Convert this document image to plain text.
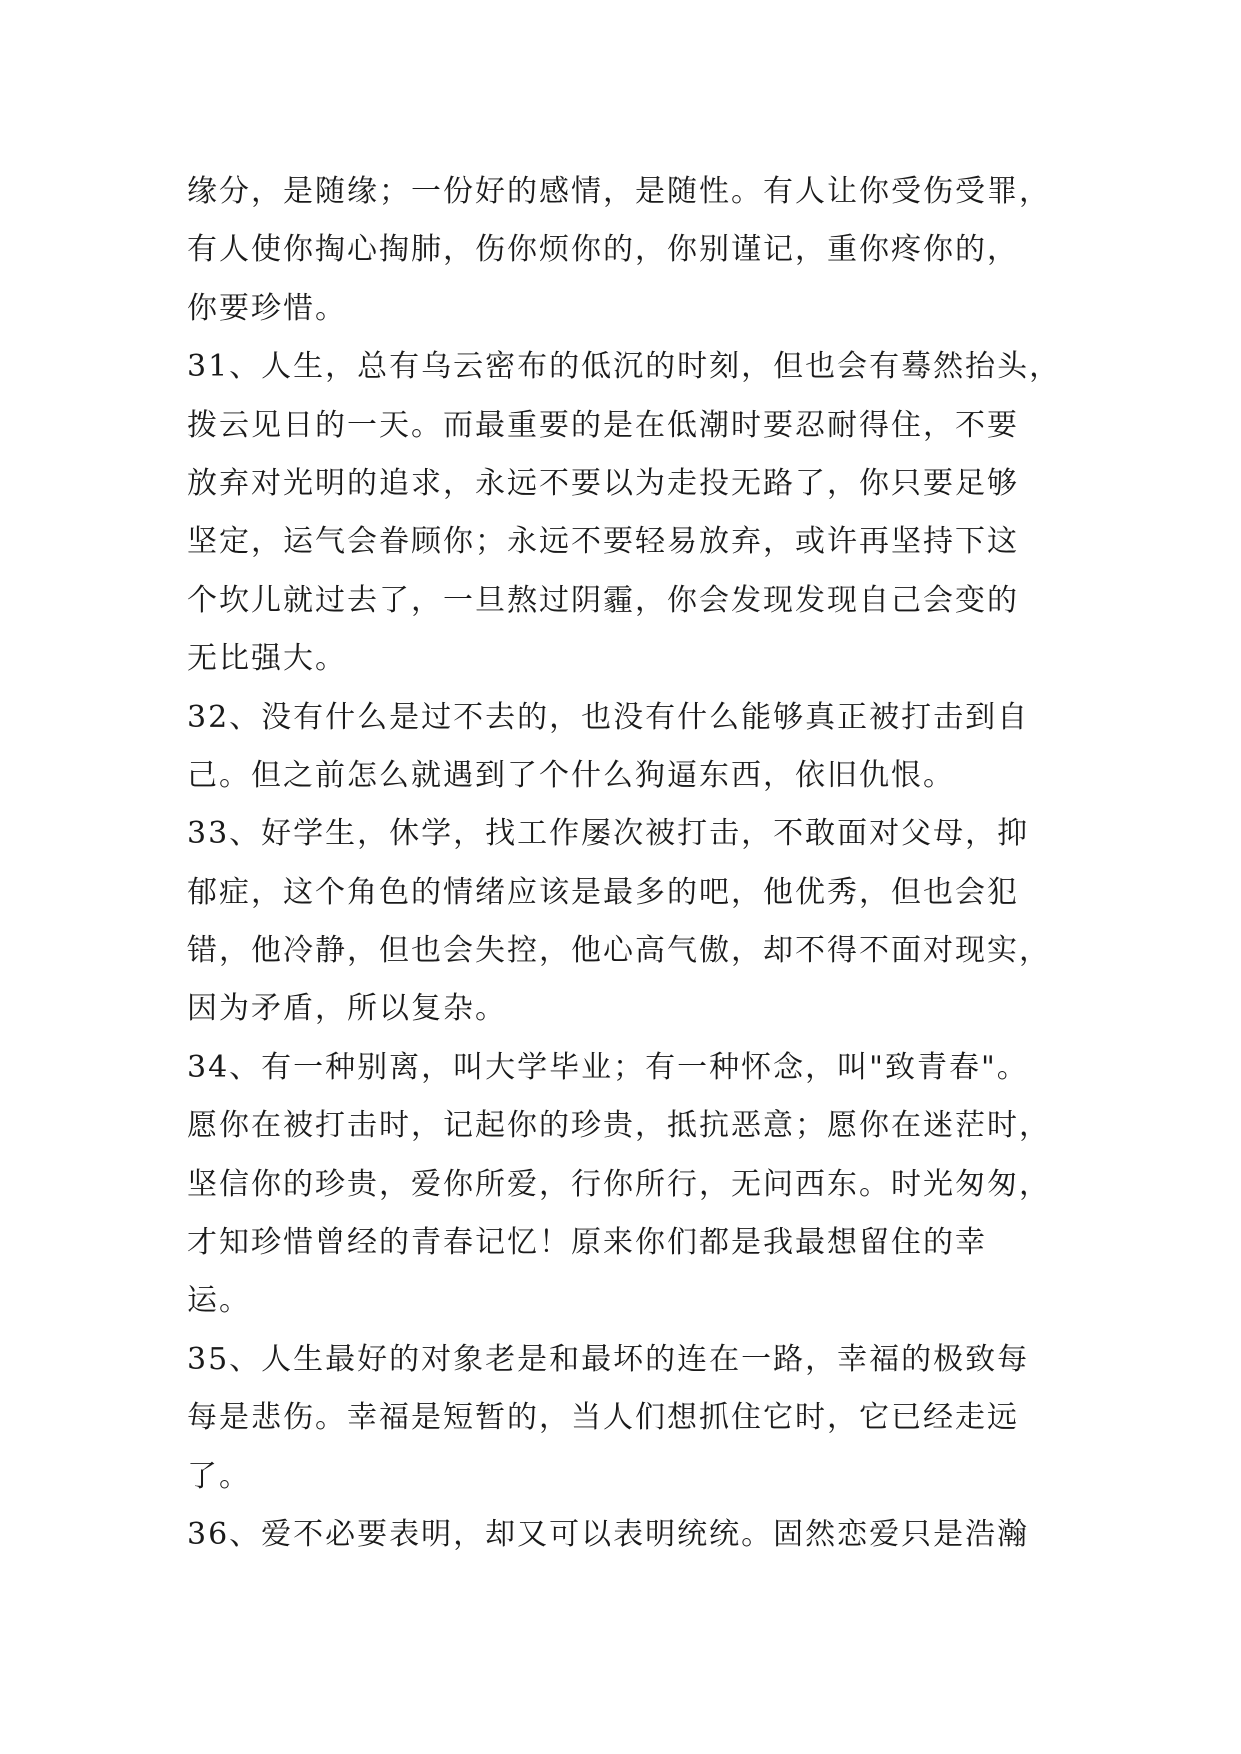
缘分，是随缘；一份好的感情，是随性。有人让你受伤受罪，
有人使你掏心掏肺，伤你烦你的，你别谨记，重你疼你的，
你要珍惜。
31、人生，总有乌云密布的低沉的时刻，但也会有蓦然抬头，
拨云见日的一天。而最重要的是在低潮时要忍耐得住，不要
放弃对光明的追求，永远不要以为走投无路了，你只要足够
坚定，运气会眷顾你；永远不要轻易放弃，或许再坚持下这
个坎儿就过去了，一旦熬过阴霾，你会发现发现自己会变的
无比强大。
32、没有什么是过不去的，也没有什么能够真正被打击到自
己。但之前怎么就遇到了个什么狗逼东西，依旧仇恨。
33、好学生，休学，找工作屡次被打击，不敢面对父母，抑
郁症，这个角色的情绪应该是最多的吧，他优秀，但也会犯
错，他冷静，但也会失控，他心高气傲，却不得不面对现实，
因为矛盾，所以复杂。
34、有一种别离，叫大学毕业；有一种怀念，叫"致青春"。
愿你在被打击时，记起你的珍贵，抵抗恶意；愿你在迷茫时，
坚信你的珍贵，爱你所爱，行你所行，无问西东。时光匆匆，
才知珍惜曾经的青春记忆！原来你们都是我最想留住的幸
运。
35、人生最好的对象老是和最坏的连在一路，幸福的极致每
每是悲伤。幸福是短暂的，当人们想抓住它时，它已经走远
了。
36、爱不必要表明，却又可以表明统统。固然恋爱只是浩瀚
